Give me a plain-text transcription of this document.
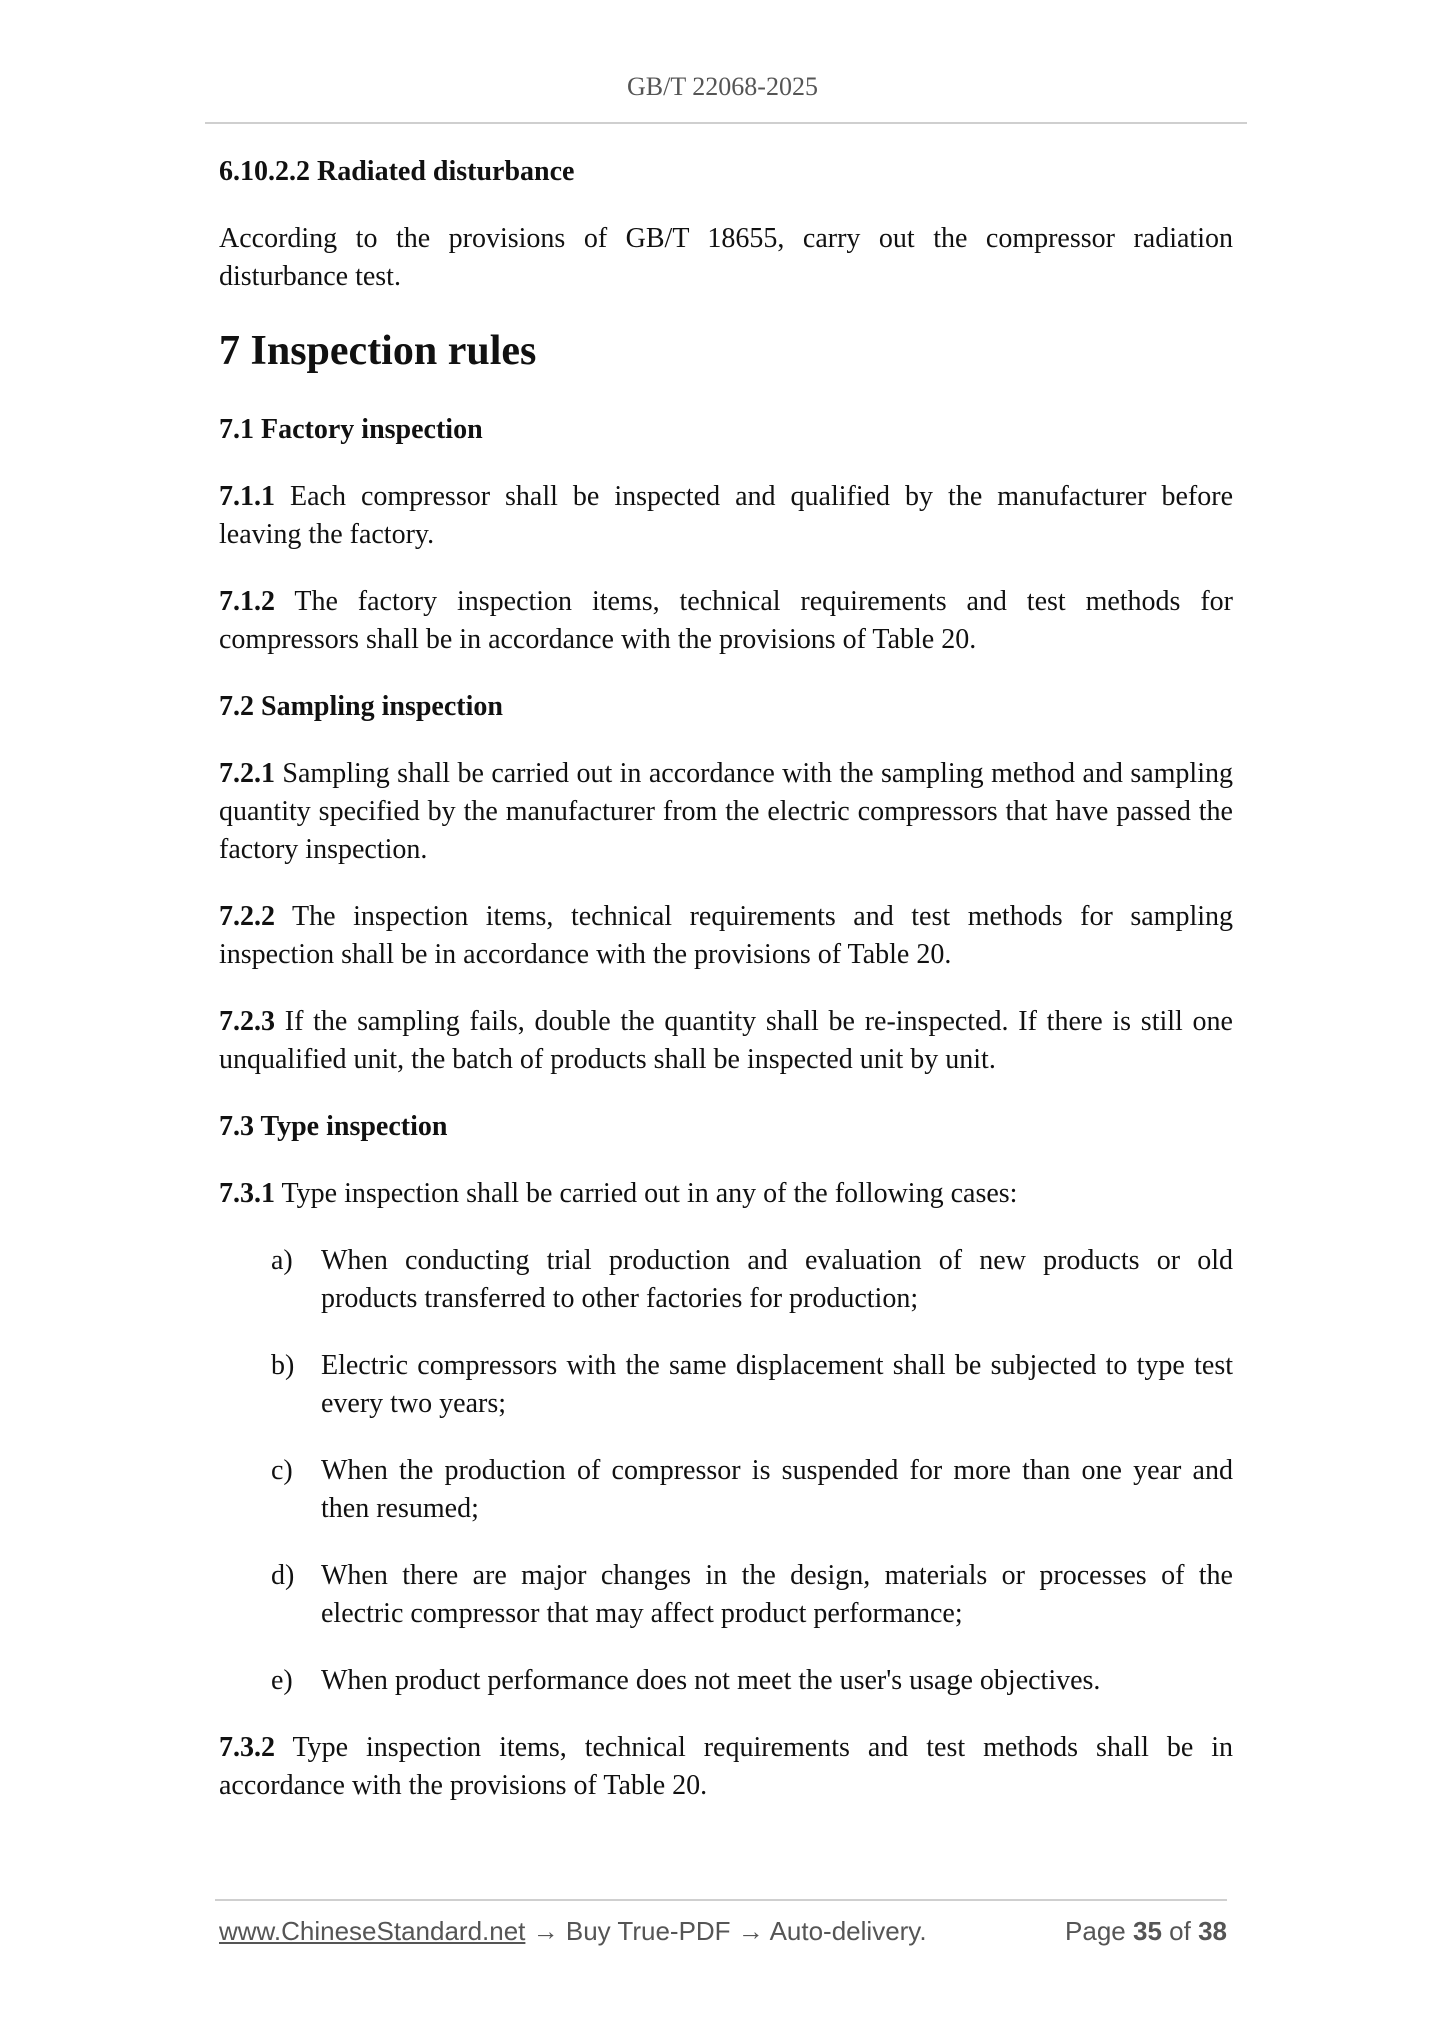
GB/T 22068-2025
6.10.2.2 Radiated disturbance
According to the provisions of GB/T 18655, carry out the compressor radiation disturbance test.
7 Inspection rules
7.1 Factory inspection
7.1.1 Each compressor shall be inspected and qualified by the manufacturer before leaving the factory.
7.1.2 The factory inspection items, technical requirements and test methods for compressors shall be in accordance with the provisions of Table 20.
7.2 Sampling inspection
7.2.1 Sampling shall be carried out in accordance with the sampling method and sampling quantity specified by the manufacturer from the electric compressors that have passed the factory inspection.
7.2.2 The inspection items, technical requirements and test methods for sampling inspection shall be in accordance with the provisions of Table 20.
7.2.3 If the sampling fails, double the quantity shall be re-inspected. If there is still one unqualified unit, the batch of products shall be inspected unit by unit.
7.3 Type inspection
7.3.1 Type inspection shall be carried out in any of the following cases:
a)	When conducting trial production and evaluation of new products or old products transferred to other factories for production;
b) Electric compressors with the same displacement shall be subjected to type test every two years;
c)	When the production of compressor is suspended for more than one year and then resumed;
d) When there are major changes in the design, materials or processes of the electric compressor that may affect product performance;
e)	When product performance does not meet the user's usage objectives.
7.3.2 Type inspection items, technical requirements and test methods shall be in accordance with the provisions of Table 20.
www.ChineseStandard.net → Buy True-PDF → Auto-delivery.	Page 35 of 38
